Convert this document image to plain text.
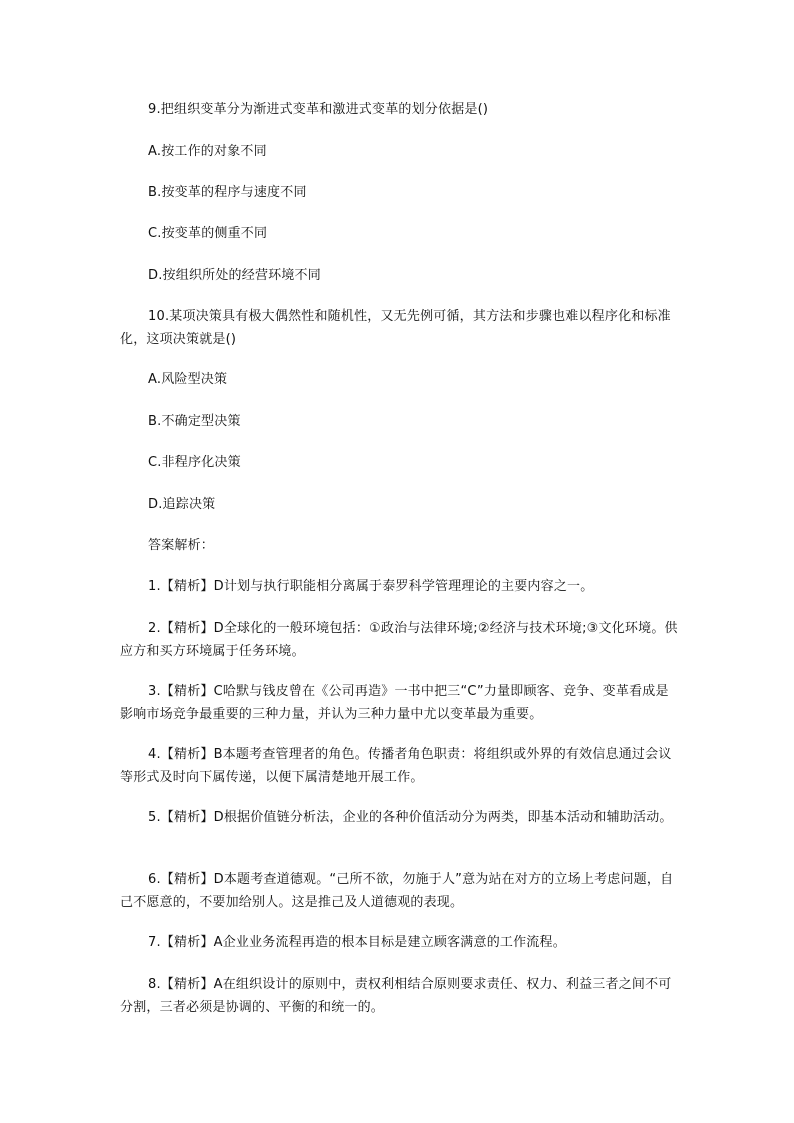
9.把组织变革分为渐进式变革和激进式变革的划分依据是()
A.按工作的对象不同
B.按变革的程序与速度不同
C.按变革的侧重不同
D.按组织所处的经营环境不同
10.某项决策具有极大偶然性和随机性，又无先例可循，其方法和步骤也难以程序化和标准化，这项决策就是()
A.风险型决策
B.不确定型决策
C.非程序化决策
D.追踪决策
答案解析：
1.【精析】D计划与执行职能相分离属于泰罗科学管理理论的主要内容之一。
2.【精析】D全球化的一般环境包括：①政治与法律环境;②经济与技术环境;③文化环境。供应方和买方环境属于任务环境。
3.【精析】C哈默与钱皮曾在《公司再造》一书中把三“C”力量即顾客、竞争、变革看成是影响市场竞争最重要的三种力量，并认为三种力量中尤以变革最为重要。
4.【精析】B本题考查管理者的角色。传播者角色职责：将组织或外界的有效信息通过会议等形式及时向下属传递，以便下属清楚地开展工作。
5.【精析】D根据价值链分析法，企业的各种价值活动分为两类，即基本活动和辅助活动。
6.【精析】D本题考查道德观。“己所不欲，勿施于人”意为站在对方的立场上考虑问题，自己不愿意的，不要加给别人。这是推己及人道德观的表现。
7.【精析】A企业业务流程再造的根本目标是建立顾客满意的工作流程。
8.【精析】A在组织设计的原则中，责权利相结合原则要求责任、权力、利益三者之间不可分割，三者必须是协调的、平衡的和统一的。
